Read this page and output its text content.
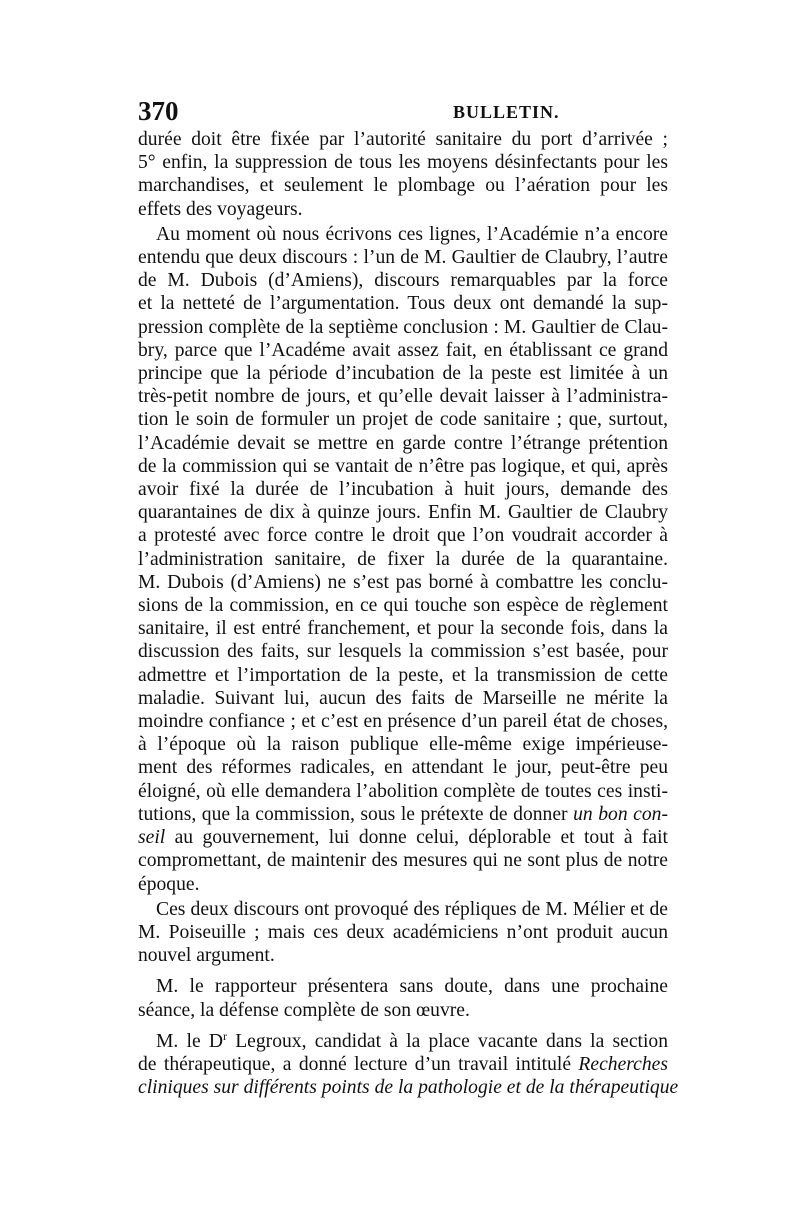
370	BULLETIN.

durée doit être fixée par l’autorité sanitaire du port d’arrivée ;
5° enfin, la suppression de tous les moyens désinfectants pour les
marchandises, et seulement le plombage ou l’aération pour les
effets des voyageurs.

Au moment où nous écrivons ces lignes, l’Académie n’a encore
entendu que deux discours : l’un de M. Gaultier de Claubry, l’autre
de M. Dubois (d’Amiens), discours remarquables par la force
et la netteté de l’argumentation. Tous deux ont demandé la sup-
pression complète de la septième conclusion : M. Gaultier de Clau-
bry, parce que l’Académe avait assez fait, en établissant ce grand
principe que la période d’incubation de la peste est limitée à un
très-petit nombre de jours, et qu’elle devait laisser à l’administra-
tion le soin de formuler un projet de code sanitaire ; que, surtout,
l’Académie devait se mettre en garde contre l’étrange prétention
de la commission qui se vantait de n’être pas logique, et qui, après
avoir fixé la durée de l’incubation à huit jours, demande des
quarantaines de dix à quinze jours. Enfin M. Gaultier de Claubry
a protesté avec force contre le droit que l’on voudrait accorder à
l’administration sanitaire, de fixer la durée de la quarantaine.
M. Dubois (d’Amiens) ne s’est pas borné à combattre les conclu-
sions de la commission, en ce qui touche son espèce de règlement
sanitaire, il est entré franchement, et pour la seconde fois, dans la
discussion des faits, sur lesquels la commission s’est basée, pour
admettre et l’importation de la peste, et la transmission de cette
maladie. Suivant lui, aucun des faits de Marseille ne mérite la
moindre confiance ; et c’est en présence d’un pareil état de choses,
à l’époque où la raison publique elle-même exige impérieuse-
ment des réformes radicales, en attendant le jour, peut-être peu
éloigné, où elle demandera l’abolition complète de toutes ces insti-
tutions, que la commission, sous le prétexte de donner un bon con-
seil au gouvernement, lui donne celui, déplorable et tout à fait
compromettant, de maintenir des mesures qui ne sont plus de notre
époque.

Ces deux discours ont provoqué des répliques de M. Mélier et de
M. Poiseuille ; mais ces deux académiciens n’ont produit aucun
nouvel argument.

M. le rapporteur présentera sans doute, dans une prochaine
séance, la défense complète de son œuvre.

M. le $D^r$ Legroux, candidat à la place vacante dans la section
de thérapeutique, a donné lecture d’un travail intitulé Recherches
cliniques sur différents points de la pathologie et de la thérapeutique
